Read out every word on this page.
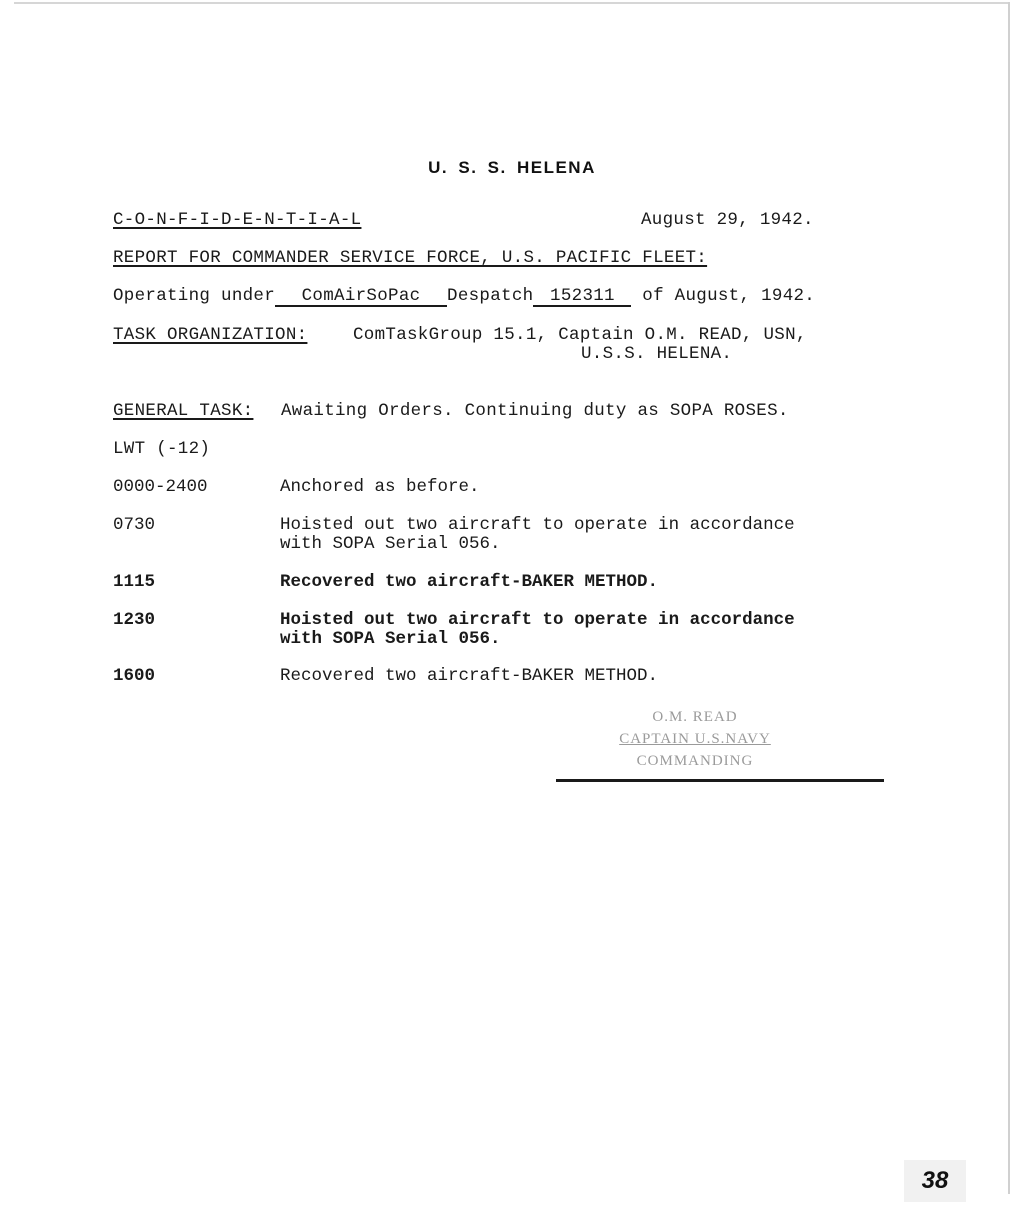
U. S. S. HELENA
C-O-N-F-I-D-E-N-T-I-A-L	August 29, 1942.
REPORT FOR COMMANDER SERVICE FORCE, U.S. PACIFIC FLEET:
Operating under ComAirSoPac Despatch 152311 of August, 1942.
TASK ORGANIZATION:	ComTaskGroup 15.1, Captain O.M. READ, USN,
U.S.S. HELENA.
GENERAL TASK: Awaiting Orders. Continuing duty as SOPA ROSES.
LWT (-12)
0000-2400	Anchored as before.
0730	Hoisted out two aircraft to operate in accordance
with SOPA Serial 056.
1115	Recovered two aircraft-BAKER METHOD.
1230	Hoisted out two aircraft to operate in accordance
with SOPA Serial 056.
1600	Recovered two aircraft-BAKER METHOD.
O.M. READ
CAPTAIN U.S.NAVY
COMMANDING
38
